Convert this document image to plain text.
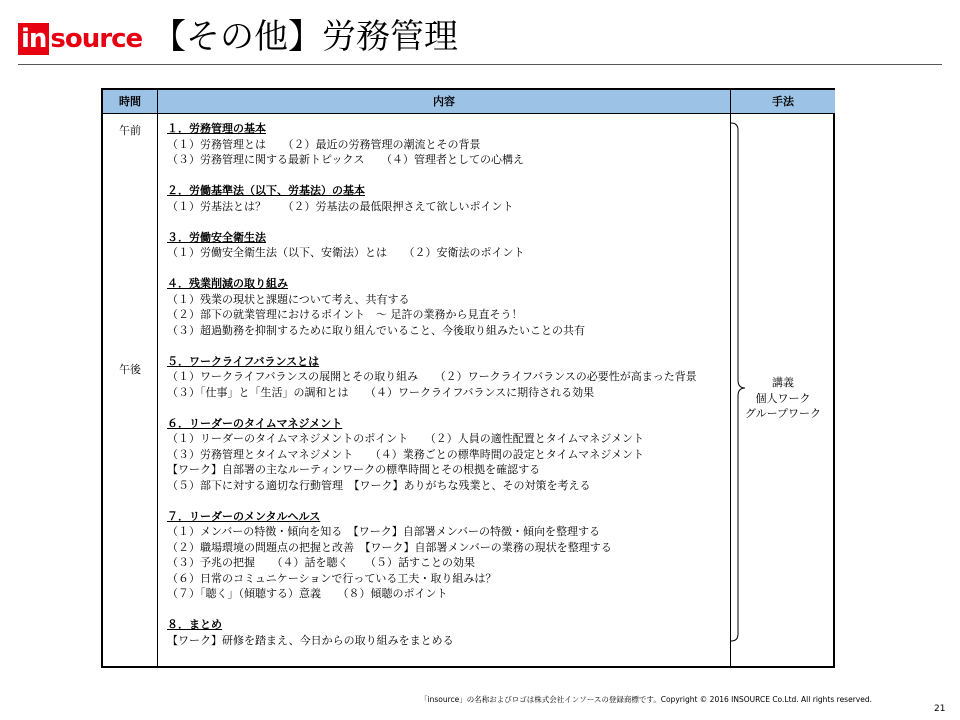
in source 【その他】労務管理
時間	内容	手法
午前
午後
１．労務管理の基本
（１）労務管理とは　　（２）最近の労務管理の潮流とその背景
（３）労務管理に関する最新トピックス　　（４）管理者としての心構え
２．労働基準法（以下、労基法）の基本
（１）労基法とは？　　（２）労基法の最低限押さえて欲しいポイント
３．労働安全衛生法
（１）労働安全衛生法（以下、安衛法）とは　　（２）安衛法のポイント
４．残業削減の取り組み
（１）残業の現状と課題について考え、共有する
（２）部下の就業管理におけるポイント　～ 足許の業務から見直そう！
（３）超過勤務を抑制するために取り組んでいること、今後取り組みたいことの共有
５．ワークライフバランスとは
（１）ワークライフバランスの展開とその取り組み　　（２）ワークライフバランスの必要性が高まった背景
（３）「仕事」と「生活」の調和とは　　（４）ワークライフバランスに期待される効果
６．リーダーのタイムマネジメント
（１）リーダーのタイムマネジメントのポイント　　（２）人員の適性配置とタイムマネジメント
（３）労務管理とタイムマネジメント　　（４）業務ごとの標準時間の設定とタイムマネジメント
【ワーク】自部署の主なルーティンワークの標準時間とその根拠を確認する
（５）部下に対する適切な行動管理　【ワーク】ありがちな残業と、その対策を考える
７．リーダーのメンタルヘルス
（１）メンバーの特徴・傾向を知る　【ワーク】自部署メンバーの特徴・傾向を整理する
（２）職場環境の問題点の把握と改善　【ワーク】自部署メンバーの業務の現状を整理する
（３）予兆の把握　　（４）話を聴く　　（５）話すことの効果
（６）日常のコミュニケーションで行っている工夫・取り組みは？
（７）「聴く」（傾聴する）意義　　（８）傾聴のポイント
８．まとめ
【ワーク】研修を踏まえ、今日からの取り組みをまとめる
講義
個人ワーク
グループワーク
「insource」の名称およびロゴは株式会社インソースの登録商標です。Copyright © 2016 INSOURCE Co.Ltd. All rights reserved.
21
